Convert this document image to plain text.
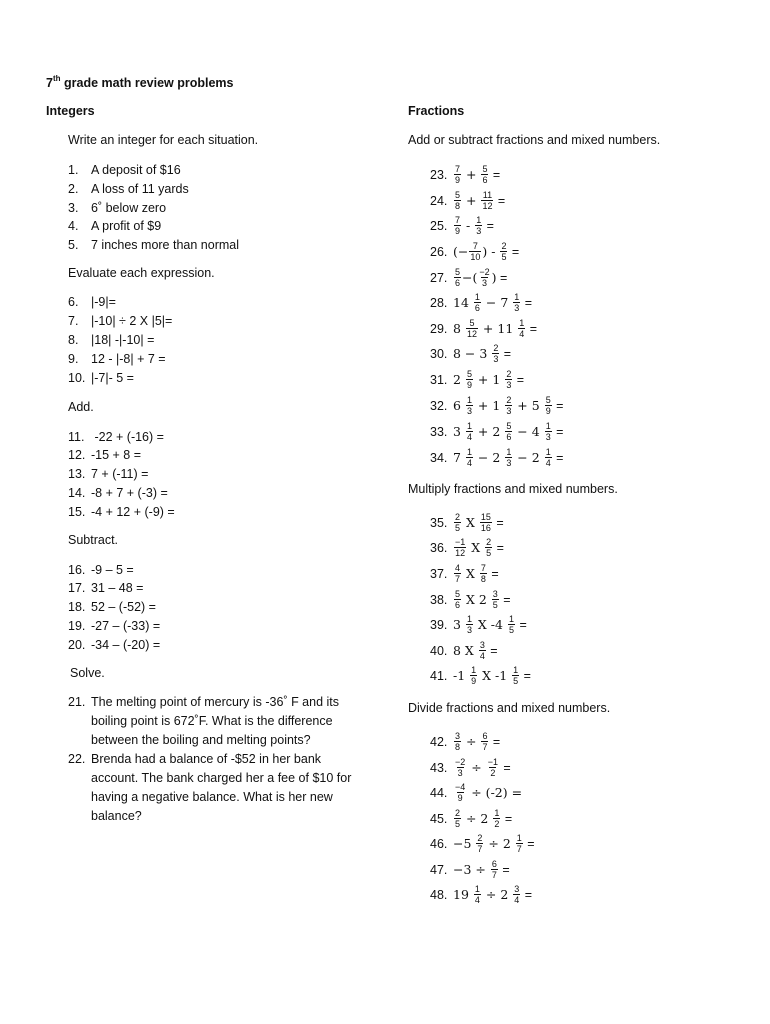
7th grade math review problems
Integers
Write an integer for each situation.
1. A deposit of $16
2. A loss of 11 yards
3. 6˚ below zero
4. A profit of $9
5. 7 inches more than normal
Evaluate each expression.
6. |-9|=
7. |-10| ÷ 2 X |5|=
8. |18| -|-10| =
9. 12 - |-8| + 7 =
10. |-7|- 5 =
Add.
11. -22 + (-16) =
12. -15 + 8 =
13. 7 + (-11) =
14. -8 + 7 + (-3) =
15. -4 + 12 + (-9) =
Subtract.
16. -9 – 5 =
17. 31 – 48 =
18. 52 – (-52) =
19. -27 – (-33) =
20. -34 – (-20) =
Solve.
21. The melting point of mercury is -36˚ F and its
boiling point is 672˚F. What is the difference
between the boiling and melting points?
22. Brenda had a balance of -$52 in her bank
account. The bank charged her a fee of $10 for
having a negative balance. What is her new
balance?
Fractions
Add or subtract fractions and mixed numbers.
23. $\frac{7}{9} + \frac{5}{6}$ =
24. $\frac{5}{8} + \frac{11}{12}$ =
25. $\frac{7}{9} - \frac{1}{3}$ =
26. (− $\frac{7}{10}$ ) - $\frac{2}{5}$ =
27. $\frac{5}{6}$ −( $\frac{-2}{3}$ ) =
28. $14 \frac{1}{6} - 7 \frac{1}{3}$ =
29. $8 \frac{5}{12} + 11 \frac{1}{4}$ =
30. $8 - 3 \frac{2}{3}$ =
31. $2 \frac{5}{9} + 1 \frac{2}{3}$ =
32. $6 \frac{1}{3} + 1 \frac{2}{3} + 5 \frac{5}{9}$ =
33. $3 \frac{1}{4} + 2 \frac{5}{6} - 4 \frac{1}{3}$ =
34. $7 \frac{1}{4} - 2 \frac{1}{3} - 2 \frac{1}{4}$ =
35. $\frac{2}{5}$ X $\frac{15}{16}$ =
36. $\frac{-1}{12}$ X $\frac{2}{5}$ =
37. $\frac{4}{7}$ X $\frac{7}{8}$ =
38. $\frac{5}{6}$ X $2 \frac{3}{5}$ =
39. $3 \frac{1}{3}$ X $-4 \frac{1}{5}$ =
40. 8 X $\frac{3}{4}$ =
41. $-1 \frac{1}{9}$ X $-1 \frac{1}{5}$ =
42. $\frac{3}{8} \div \frac{6}{7}$ =
43. $\frac{-2}{3} \div \frac{-1}{2}$ =
44. $\frac{-4}{9} \div (-2)$ =
45. $\frac{2}{5} \div 2 \frac{1}{2}$ =
46. $-5 \frac{2}{7} \div 2 \frac{1}{7}$ =
47. $-3 \div \frac{6}{7}$ =
48. $19 \frac{1}{4} \div 2 \frac{3}{4}$ =
Multiply fractions and mixed numbers.
Divide fractions and mixed numbers.
